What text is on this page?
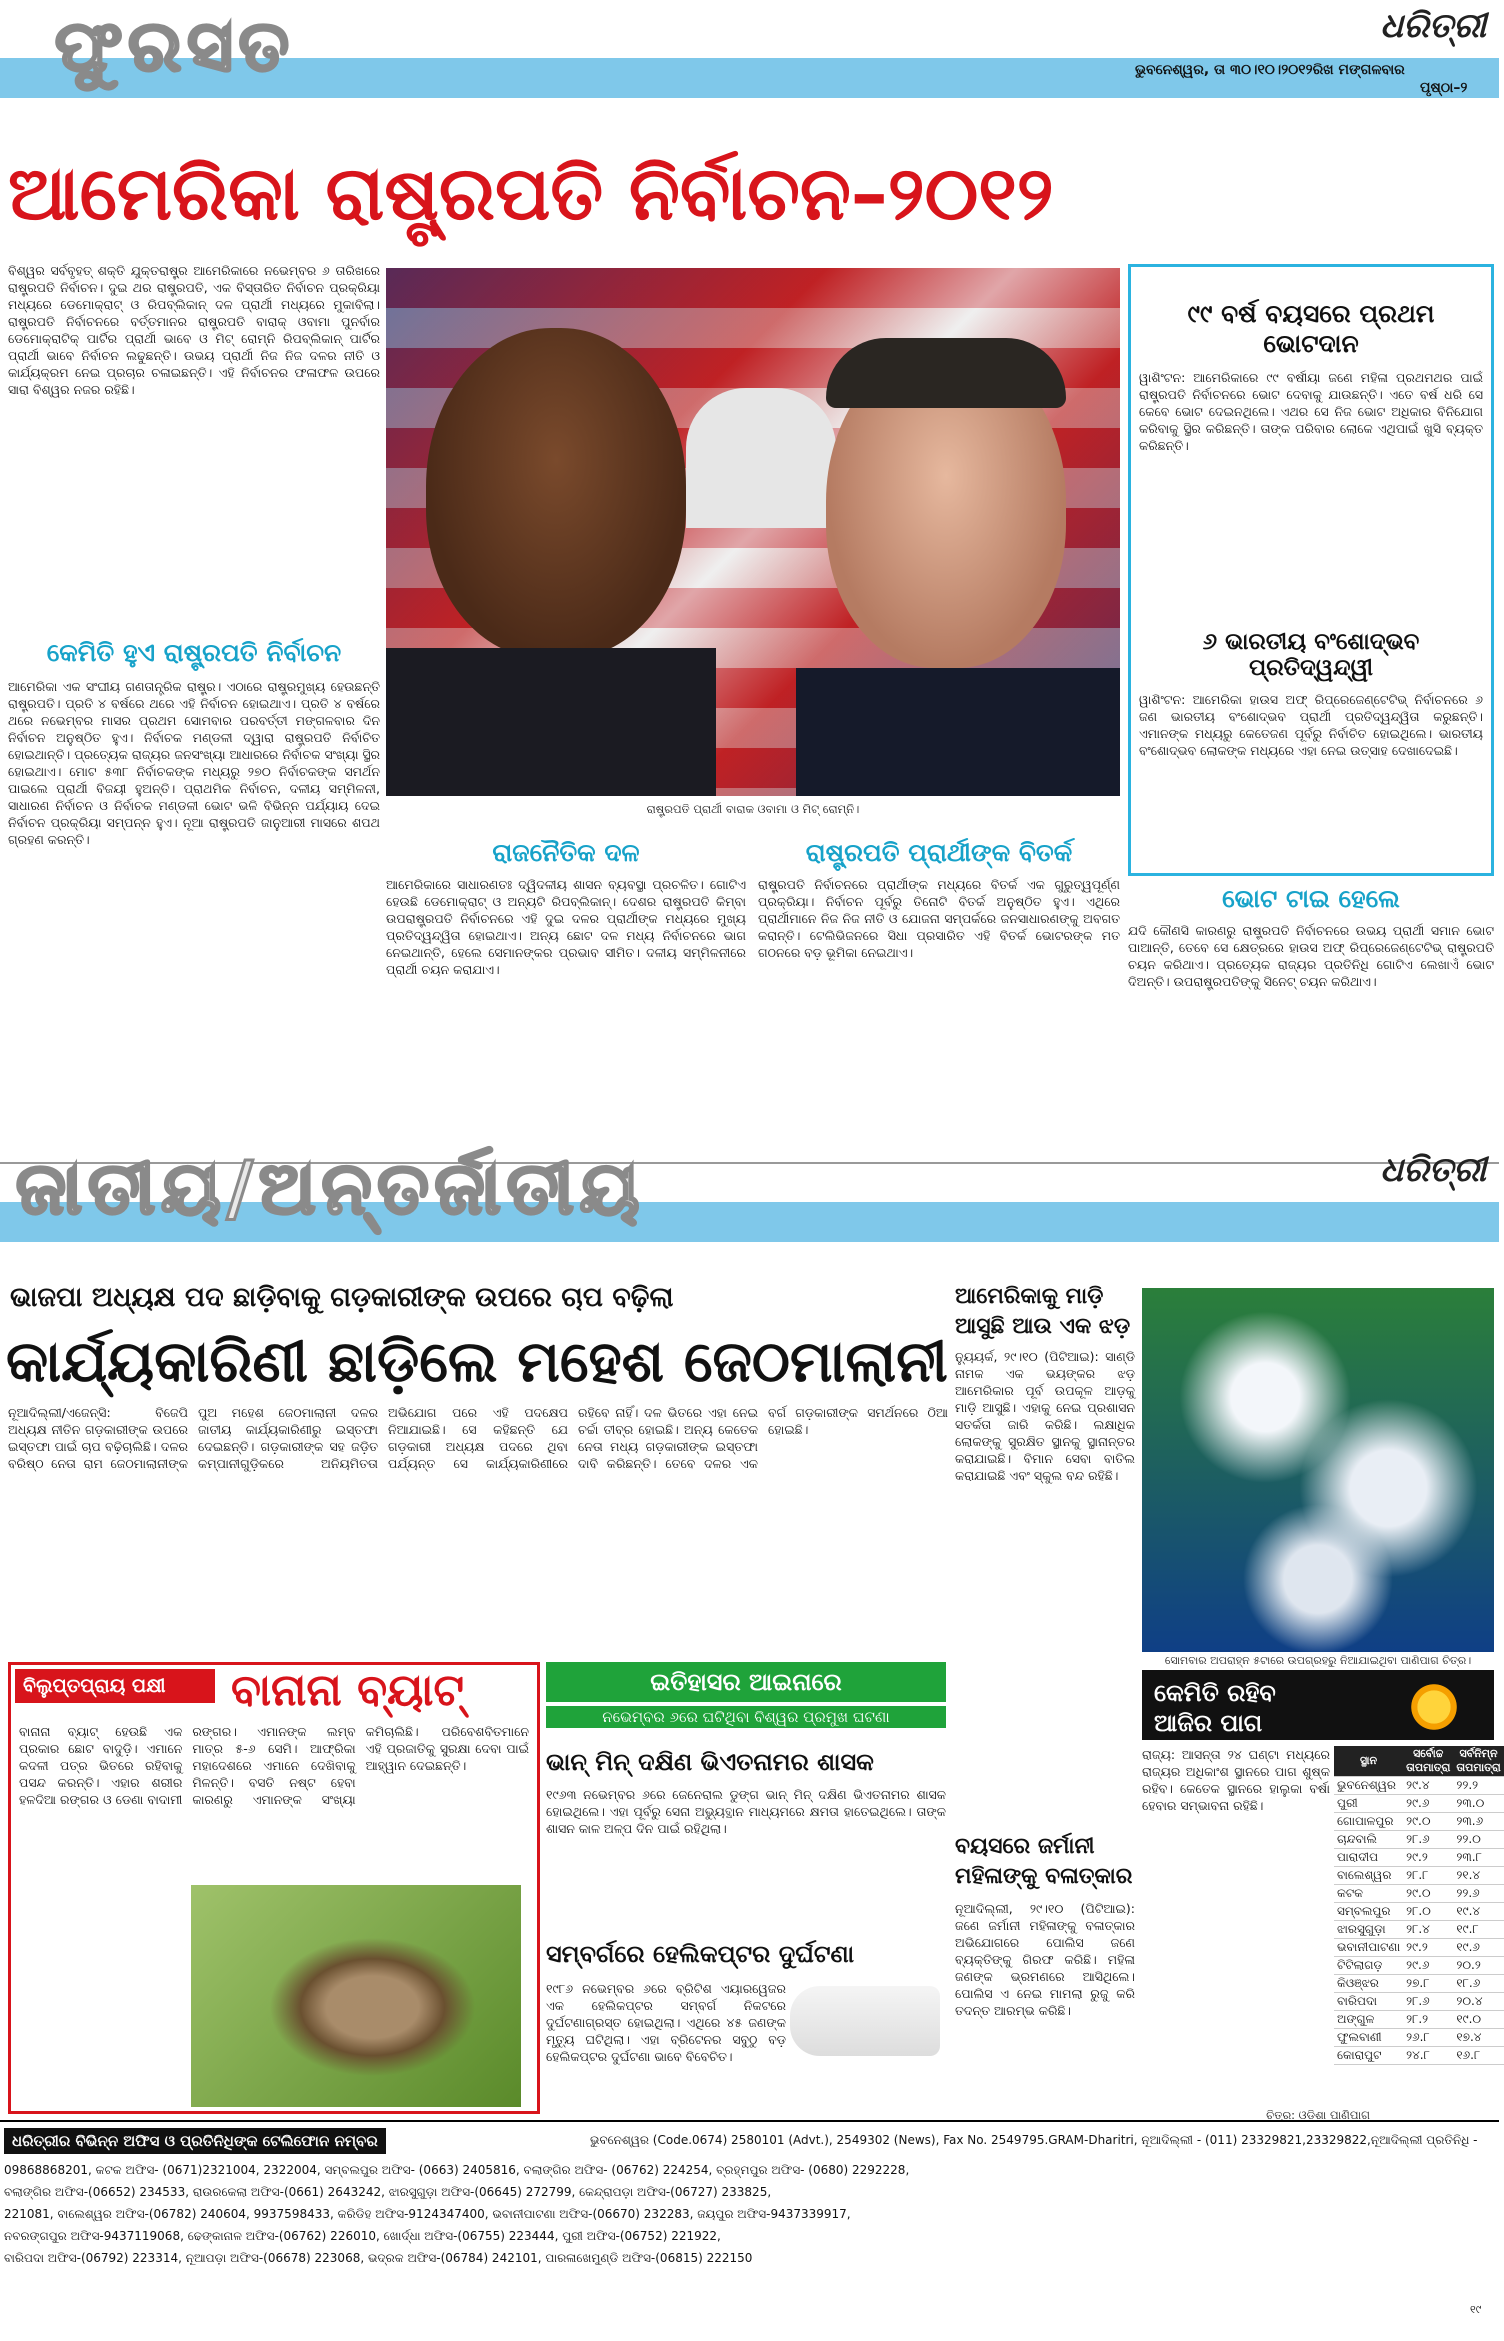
ଫୁରସତ	ଧରିତ୍ରୀ
ଭୁବନେଶ୍ୱର, ତା ୩୦।୧୦।୨୦୧୨ରିଖ ମଙ୍ଗଳବାର
ପୃଷ୍ଠା–୨
ଆମେରିକା ରାଷ୍ଟ୍ରପତି ନିର୍ବାଚନ–୨୦୧୨
ବିଶ୍ୱର ସର୍ବବୃହତ୍ ଶକ୍ତି ଯୁକ୍ତରାଷ୍ଟ୍ର ଆମେରିକାରେ ନଭେମ୍ବର ୬ ତାରିଖରେ ରାଷ୍ଟ୍ରପତି ନିର୍ବାଚନ। ଦୁଇ ଥର ରାଷ୍ଟ୍ରପତି, ଏକ ବିସ୍ତାରିତ ନିର୍ବାଚନ ପ୍ରକ୍ରିୟା ମଧ୍ୟରେ ଡେମୋକ୍ରାଟ୍ ଓ ରିପବ୍ଲିକାନ୍ ଦଳ ପ୍ରାର୍ଥୀ ମଧ୍ୟରେ ମୁକାବିଲା। ରାଷ୍ଟ୍ରପତି ନିର୍ବାଚନରେ ବର୍ତ୍ତମାନର ରାଷ୍ଟ୍ରପତି ବାରାକ୍ ଓବାମା ପୁନର୍ବାର ଡେମୋକ୍ରାଟିକ୍ ପାର୍ଟିର ପ୍ରାର୍ଥୀ ଭାବେ ଓ ମିଟ୍ ରୋମ୍ନି ରିପବ୍ଲିକାନ୍ ପାର୍ଟିର ପ୍ରାର୍ଥୀ ଭାବେ ନିର୍ବାଚନ ଲଢୁଛନ୍ତି। ଉଭୟ ପ୍ରାର୍ଥୀ ନିଜ ନିଜ ଦଳର ନୀତି ଓ କାର୍ଯ୍ୟକ୍ରମ ନେଇ ପ୍ରଚାର ଚଳାଇଛନ୍ତି। ଏହି ନିର୍ବାଚନର ଫଳାଫଳ ଉପରେ ସାରା ବିଶ୍ୱର ନଜର ରହିଛି।
କେମିତି ହୁଏ ରାଷ୍ଟ୍ରପତି ନିର୍ବାଚନ
ଆମେରିକା ଏକ ସଂଘୀୟ ଗଣତାନ୍ତ୍ରିକ ରାଷ୍ଟ୍ର। ଏଠାରେ ରାଷ୍ଟ୍ରମୁଖ୍ୟ ହେଉଛନ୍ତି ରାଷ୍ଟ୍ରପତି। ପ୍ରତି ୪ ବର୍ଷରେ ଥରେ ଏହି ନିର୍ବାଚନ ହୋଇଥାଏ। ପ୍ରତି ୪ ବର୍ଷରେ ଥରେ ନଭେମ୍ବର ମାସର ପ୍ରଥମ ସୋମବାର ପରବର୍ତ୍ତୀ ମଙ୍ଗଳବାର ଦିନ ନିର୍ବାଚନ ଅନୁଷ୍ଠିତ ହୁଏ। ନିର୍ବାଚକ ମଣ୍ଡଳୀ ଦ୍ୱାରା ରାଷ୍ଟ୍ରପତି ନିର୍ବାଚିତ ହୋଇଥାନ୍ତି। ପ୍ରତ୍ୟେକ ରାଜ୍ୟର ଜନସଂଖ୍ୟା ଆଧାରରେ ନିର୍ବାଚକ ସଂଖ୍ୟା ସ୍ଥିର ହୋଇଥାଏ। ମୋଟ ୫୩୮ ନିର୍ବାଚକଙ୍କ ମଧ୍ୟରୁ ୨୭୦ ନିର୍ବାଚକଙ୍କ ସମର୍ଥନ ପାଇଲେ ପ୍ରାର୍ଥୀ ବିଜୟୀ ହୁଅନ୍ତି। ପ୍ରାଥମିକ ନିର୍ବାଚନ, ଦଳୀୟ ସମ୍ମିଳନୀ, ସାଧାରଣ ନିର୍ବାଚନ ଓ ନିର୍ବାଚକ ମଣ୍ଡଳୀ ଭୋଟ ଭଳି ବିଭିନ୍ନ ପର୍ଯ୍ୟାୟ ଦେଇ ନିର୍ବାଚନ ପ୍ରକ୍ରିୟା ସମ୍ପନ୍ନ ହୁଏ। ନୂଆ ରାଷ୍ଟ୍ରପତି ଜାନୁଆରୀ ମାସରେ ଶପଥ ଗ୍ରହଣ କରନ୍ତି।
ରାଷ୍ଟ୍ରପତି ପ୍ରାର୍ଥୀ ବାରାକ ଓବାମା ଓ ମିଟ୍ ରୋମ୍ନି।
ରାଜନୈତିକ ଦଳ
ଆମେରିକାରେ ସାଧାରଣତଃ ଦ୍ୱିଦଳୀୟ ଶାସନ ବ୍ୟବସ୍ଥା ପ୍ରଚଳିତ। ଗୋଟିଏ ହେଉଛି ଡେମୋକ୍ରାଟ୍ ଓ ଅନ୍ୟଟି ରିପବ୍ଲିକାନ୍। ଦେଶର ରାଷ୍ଟ୍ରପତି କିମ୍ବା ଉପରାଷ୍ଟ୍ରପତି ନିର୍ବାଚନରେ ଏହି ଦୁଇ ଦଳର ପ୍ରାର୍ଥୀଙ୍କ ମଧ୍ୟରେ ମୁଖ୍ୟ ପ୍ରତିଦ୍ୱନ୍ଦ୍ୱିତା ହୋଇଥାଏ। ଅନ୍ୟ ଛୋଟ ଦଳ ମଧ୍ୟ ନିର୍ବାଚନରେ ଭାଗ ନେଇଥାନ୍ତି, ହେଲେ ସେମାନଙ୍କର ପ୍ରଭାବ ସୀମିତ। ଦଳୀୟ ସମ୍ମିଳନୀରେ ପ୍ରାର୍ଥୀ ଚୟନ କରାଯାଏ।
ରାଷ୍ଟ୍ରପତି ପ୍ରାର୍ଥୀଙ୍କ ବିତର୍କ
ରାଷ୍ଟ୍ରପତି ନିର୍ବାଚନରେ ପ୍ରାର୍ଥୀଙ୍କ ମଧ୍ୟରେ ବିତର୍କ ଏକ ଗୁରୁତ୍ୱପୂର୍ଣ୍ଣ ପ୍ରକ୍ରିୟା। ନିର୍ବାଚନ ପୂର୍ବରୁ ତିନୋଟି ବିତର୍କ ଅନୁଷ୍ଠିତ ହୁଏ। ଏଥିରେ ପ୍ରାର୍ଥୀମାନେ ନିଜ ନିଜ ନୀତି ଓ ଯୋଜନା ସମ୍ପର୍କରେ ଜନସାଧାରଣଙ୍କୁ ଅବଗତ କରାନ୍ତି। ଟେଲିଭିଜନରେ ସିଧା ପ୍ରସାରିତ ଏହି ବିତର୍କ ଭୋଟରଙ୍କ ମତ ଗଠନରେ ବଡ଼ ଭୂମିକା ନେଇଥାଏ।
୯୯ ବର୍ଷ ବୟସରେ ପ୍ରଥମ ଭୋଟଦାନ
ୱାଶିଂଟନ: ଆମେରିକାରେ ୯୯ ବର୍ଷୀୟା ଜଣେ ମହିଳା ପ୍ରଥମଥର ପାଇଁ ରାଷ୍ଟ୍ରପତି ନିର୍ବାଚନରେ ଭୋଟ ଦେବାକୁ ଯାଉଛନ୍ତି। ଏତେ ବର୍ଷ ଧରି ସେ କେବେ ଭୋଟ ଦେଇନଥିଲେ। ଏଥର ସେ ନିଜ ଭୋଟ ଅଧିକାର ବିନିଯୋଗ କରିବାକୁ ସ୍ଥିର କରିଛନ୍ତି। ତାଙ୍କ ପରିବାର ଲୋକେ ଏଥିପାଇଁ ଖୁସି ବ୍ୟକ୍ତ କରିଛନ୍ତି।
୬ ଭାରତୀୟ ବଂଶୋଦ୍ଭବ ପ୍ରତିଦ୍ୱନ୍ଦ୍ୱୀ
ୱାଶିଂଟନ: ଆମେରିକା ହାଉସ ଅଫ୍ ରିପ୍ରେଜେଣ୍ଟେଟିଭ୍ ନିର୍ବାଚନରେ ୬ ଜଣ ଭାରତୀୟ ବଂଶୋଦ୍ଭବ ପ୍ରାର୍ଥୀ ପ୍ରତିଦ୍ୱନ୍ଦ୍ୱିତା କରୁଛନ୍ତି। ଏମାନଙ୍କ ମଧ୍ୟରୁ କେତେଜଣ ପୂର୍ବରୁ ନିର୍ବାଚିତ ହୋଇଥିଲେ। ଭାରତୀୟ ବଂଶୋଦ୍ଭବ ଲୋକଙ୍କ ମଧ୍ୟରେ ଏହା ନେଇ ଉତ୍ସାହ ଦେଖାଦେଇଛି।
ଭୋଟ ଟାଇ ହେଲେ
ଯଦି କୌଣସି କାରଣରୁ ରାଷ୍ଟ୍ରପତି ନିର୍ବାଚନରେ ଉଭୟ ପ୍ରାର୍ଥୀ ସମାନ ଭୋଟ ପାଆନ୍ତି, ତେବେ ସେ କ୍ଷେତ୍ରରେ ହାଉସ ଅଫ୍ ରିପ୍ରେଜେଣ୍ଟେଟିଭ୍ ରାଷ୍ଟ୍ରପତି ଚୟନ କରିଥାଏ। ପ୍ରତ୍ୟେକ ରାଜ୍ୟର ପ୍ରତିନିଧି ଗୋଟିଏ ଲେଖାଏଁ ଭୋଟ ଦିଅନ୍ତି। ଉପରାଷ୍ଟ୍ରପତିଙ୍କୁ ସିନେଟ୍ ଚୟନ କରିଥାଏ।
ଜାତୀୟ/ଅନ୍ତର୍ଜାତୀୟ	ଧରିତ୍ରୀ
ଭାଜପା ଅଧ୍ୟକ୍ଷ ପଦ ଛାଡ଼ିବାକୁ ଗଡ଼କାରୀଙ୍କ ଉପରେ ଚାପ ବଢ଼ିଲା
କାର୍ଯ୍ୟକାରିଣୀ ଛାଡ଼ିଲେ ମହେଶ ଜେଠମାଲାନୀ
ନୂଆଦିଲ୍ଲୀ/ଏଜେନ୍ସି: ବିଜେପି ଅଧ୍ୟକ୍ଷ ନୀତିନ ଗଡ଼କାରୀଙ୍କ ଉପରେ ଇସ୍ତଫା ପାଇଁ ଚାପ ବଢ଼ିଚାଲିଛି। ଦଳର ବରିଷ୍ଠ ନେତା ରାମ ଜେଠମାଲାନୀଙ୍କ ପୁଅ ମହେଶ ଜେଠମାଲାନୀ ଦଳର ଜାତୀୟ କାର୍ଯ୍ୟକାରିଣୀରୁ ଇସ୍ତଫା ଦେଇଛନ୍ତି। ଗଡ଼କାରୀଙ୍କ ସହ ଜଡ଼ିତ କମ୍ପାନୀଗୁଡ଼ିକରେ ଅନିୟମିତତା ଅଭିଯୋଗ ପରେ ଏହି ପଦକ୍ଷେପ ନିଆଯାଇଛି। ସେ କହିଛନ୍ତି ଯେ ଗଡ଼କାରୀ ଅଧ୍ୟକ୍ଷ ପଦରେ ଥିବା ପର୍ଯ୍ୟନ୍ତ ସେ କାର୍ଯ୍ୟକାରିଣୀରେ ରହିବେ ନାହିଁ। ଦଳ ଭିତରେ ଏହା ନେଇ ଚର୍ଚ୍ଚା ତୀବ୍ର ହୋଇଛି। ଅନ୍ୟ କେତେକ ନେତା ମଧ୍ୟ ଗଡ଼କାରୀଙ୍କ ଇସ୍ତଫା ଦାବି କରିଛନ୍ତି। ତେବେ ଦଳର ଏକ ବର୍ଗ ଗଡ଼କାରୀଙ୍କ ସମର୍ଥନରେ ଠିଆ ହୋଇଛି।
ଆମେରିକାକୁ ମାଡ଼ି ଆସୁଛି ଆଉ ଏକ ଝଡ଼
ନ୍ୟୁୟର୍କ, ୨୯।୧୦ (ପିଟିଆଇ): ସାଣ୍ଡି ନାମକ ଏକ ଭୟଙ୍କର ଝଡ଼ ଆମେରିକାର ପୂର୍ବ ଉପକୂଳ ଆଡ଼କୁ ମାଡ଼ି ଆସୁଛି। ଏହାକୁ ନେଇ ପ୍ରଶାସନ ସତର୍କତା ଜାରି କରିଛି। ଲକ୍ଷାଧିକ ଲୋକଙ୍କୁ ସୁରକ୍ଷିତ ସ୍ଥାନକୁ ସ୍ଥାନାନ୍ତର କରାଯାଇଛି। ବିମାନ ସେବା ବାତିଲ କରାଯାଇଛି ଏବଂ ସ୍କୁଲ ବନ୍ଦ ରହିଛି।
ବୟସରେ ଜର୍ମାନୀ ମହିଳାଙ୍କୁ ବଳାତ୍କାର
ନୂଆଦିଲ୍ଲୀ, ୨୯।୧୦ (ପିଟିଆଇ): ଜଣେ ଜର୍ମାନୀ ମହିଳାଙ୍କୁ ବଳାତ୍କାର ଅଭିଯୋଗରେ ପୋଲିସ ଜଣେ ବ୍ୟକ୍ତିଙ୍କୁ ଗିରଫ କରିଛି। ମହିଳା ଜଣଙ୍କ ଭ୍ରମଣରେ ଆସିଥିଲେ। ପୋଲିସ ଏ ନେଇ ମାମଲା ରୁଜୁ କରି ତଦନ୍ତ ଆରମ୍ଭ କରିଛି।
ସୋମବାର ଅପରାହ୍ନ ୫ଟାରେ ଉପଗ୍ରହରୁ ନିଆଯାଇଥିବା ପାଣିପାଗ ଚିତ୍ର।
ବିଲୁପ୍ତପ୍ରାୟ ପକ୍ଷୀ	ବାନାନା ବ୍ୟାଟ୍
ବାନାନା ବ୍ୟାଟ୍ ହେଉଛି ଏକ ପ୍ରକାର ଛୋଟ ବାଦୁଡ଼ି। ଏମାନେ କଦଳୀ ପତ୍ର ଭିତରେ ରହିବାକୁ ପସନ୍ଦ କରନ୍ତି। ଏହାର ଶରୀର ହଳଦିଆ ରଙ୍ଗର ଓ ଡେଣା ବାଦାମୀ ରଙ୍ଗର। ଏମାନଙ୍କ ଲମ୍ବ ମାତ୍ର ୫-୬ ସେମି। ଆଫ୍ରିକା ମହାଦେଶରେ ଏମାନେ ଦେଖିବାକୁ ମିଳନ୍ତି। ବସତି ନଷ୍ଟ ହେବା କାରଣରୁ ଏମାନଙ୍କ ସଂଖ୍ୟା କମିଚାଲିଛି। ପରିବେଶବିତମାନେ ଏହି ପ୍ରଜାତିକୁ ସୁରକ୍ଷା ଦେବା ପାଇଁ ଆହ୍ୱାନ ଦେଇଛନ୍ତି।
ଇତିହାସର ଆଇନାରେ
ନଭେମ୍ବର ୬ରେ ଘଟିଥିବା ବିଶ୍ୱର ପ୍ରମୁଖ ଘଟଣା
ଭାନ୍ ମିନ୍ ଦକ୍ଷିଣ ଭିଏତନାମର ଶାସକ
୧୯୬୩ ନଭେମ୍ବର ୬ରେ ଜେନେରାଲ ଡୁଙ୍ଗ ଭାନ୍ ମିନ୍ ଦକ୍ଷିଣ ଭିଏତନାମର ଶାସକ ହୋଇଥିଲେ। ଏହା ପୂର୍ବରୁ ସେନା ଅଭ୍ୟୁତ୍ଥାନ ମାଧ୍ୟମରେ କ୍ଷମତା ହାତେଇଥିଲେ। ତାଙ୍କ ଶାସନ କାଳ ଅଳ୍ପ ଦିନ ପାଇଁ ରହିଥିଲା।
ସମ୍ବର୍ଗରେ ହେଲିକପ୍ଟର ଦୁର୍ଘଟଣା
୧୯୮୬ ନଭେମ୍ବର ୬ରେ ବ୍ରିଟିଶ ଏୟାରୱେଜର ଏକ ହେଲିକପ୍ଟର ସମ୍ବର୍ଗ ନିକଟରେ ଦୁର୍ଘଟଣାଗ୍ରସ୍ତ ହୋଇଥିଲା। ଏଥିରେ ୪୫ ଜଣଙ୍କ ମୃତ୍ୟୁ ଘଟିଥିଲା। ଏହା ବ୍ରିଟେନର ସବୁଠୁ ବଡ଼ ହେଲିକପ୍ଟର ଦୁର୍ଘଟଣା ଭାବେ ବିବେଚିତ।
କେମିତି ରହିବ
ଆଜିର ପାଗ
ରାଜ୍ୟ: ଆସନ୍ତା ୨୪ ଘଣ୍ଟା ମଧ୍ୟରେ ରାଜ୍ୟର ଅଧିକାଂଶ ସ୍ଥାନରେ ପାଗ ଶୁଷ୍କ ରହିବ। କେତେକ ସ୍ଥାନରେ ହାଲୁକା ବର୍ଷା ହେବାର ସମ୍ଭାବନା ରହିଛି।
ସ୍ଥାନ	ସର୍ବୋଚ୍ଚ ତାପମାତ୍ରା	ସର୍ବନିମ୍ନ ତାପମାତ୍ରା
ଭୁବନେଶ୍ୱର	୨୯.୪	୨୨.୨
ପୁରୀ	୨୯.୬	୨୩.୦
ଗୋପାଳପୁର	୨୯.୦	୨୩.୬
ଚାନ୍ଦବାଲି	୨୮.୬	୨୨.୦
ପାରାଦୀପ	୨୯.୨	୨୩.୮
ବାଲେଶ୍ୱର	୨୮.୮	୨୧.୪
କଟକ	୨୯.୦	୨୨.୬
ସମ୍ବଲପୁର	୨୮.୦	୧୯.୪
ଝାରସୁଗୁଡ଼ା	୨୮.୪	୧୯.୮
ଭବାନୀପାଟଣା	୨୯.୨	୧୯.୬
ଟିଟିଲାଗଡ଼	୨୯.୬	୨୦.୨
କିଓଞ୍ଝର	୨୭.୮	୧୮.୬
ବାରିପଦା	୨୮.୬	୨୦.୪
ଅଙ୍ଗୁଳ	୨୮.୨	୧୯.୦
ଫୁଲବାଣୀ	୨୬.୮	୧୭.୪
କୋରାପୁଟ	୨୪.୮	୧୬.୮
ଚିତ୍ର: ଓଡ଼ିଶା ପାଣିପାଗ
ଧରିତ୍ରୀର ବିଭିନ୍ନ ଅଫିସ ଓ ପ୍ରତିନିଧିଙ୍କ ଟେଲିଫୋନ ନମ୍ବର	ଭୁବନେଶ୍ୱର (Code.0674) 2580101 (Advt.), 2549302 (News), Fax No. 2549795.GRAM-Dharitri, ନୂଆଦିଲ୍ଲୀ - (011) 23329821,23329822,ନୂଆଦିଲ୍ଲୀ ପ୍ରତିନିଧି -
09868868201, କଟକ ଅଫିସ- (0671)2321004, 2322004, ସମ୍ବଲପୁର ଅଫିସ- (0663) 2405816, ବଲାଙ୍ଗିର ଅଫିସ- (06762) 224254, ବ୍ରହ୍ମପୁର ଅଫିସ- (0680) 2292228,
ବଲାଙ୍ଗିର ଅଫିସ-(06652) 234533, ରାଉରକେଲା ଅଫିସ-(0661) 2643242, ଝାରସୁଗୁଡ଼ା ଅଫିସ-(06645) 272799, କେନ୍ଦ୍ରାପଡ଼ା ଅଫିସ-(06727) 233825,
221081, ବାଲେଶ୍ୱର ଅଫିସ-(06782) 240604, 9937598433, କରିଡିହ ଅଫିସ-9124347400, ଭବାନୀପାଟଣା ଅଫିସ-(06670) 232283, ଜୟପୁର ଅଫିସ-9437339917,
ନବରଙ୍ଗପୁର ଅଫିସ-9437119068, ଢେଙ୍କାନାଳ ଅଫିସ-(06762) 226010, ଖୋର୍ଦ୍ଧା ଅଫିସ-(06755) 223444, ପୁରୀ ଅଫିସ-(06752) 221922,
ବାରିପଦା ଅଫିସ-(06792) 223314, ନୂଆପଡ଼ା ଅଫିସ-(06678) 223068, ଭଦ୍ରକ ଅଫିସ-(06784) 242101, ପାରଳାଖେମୁଣ୍ଡି ଅଫିସ-(06815) 222150
୧୯
